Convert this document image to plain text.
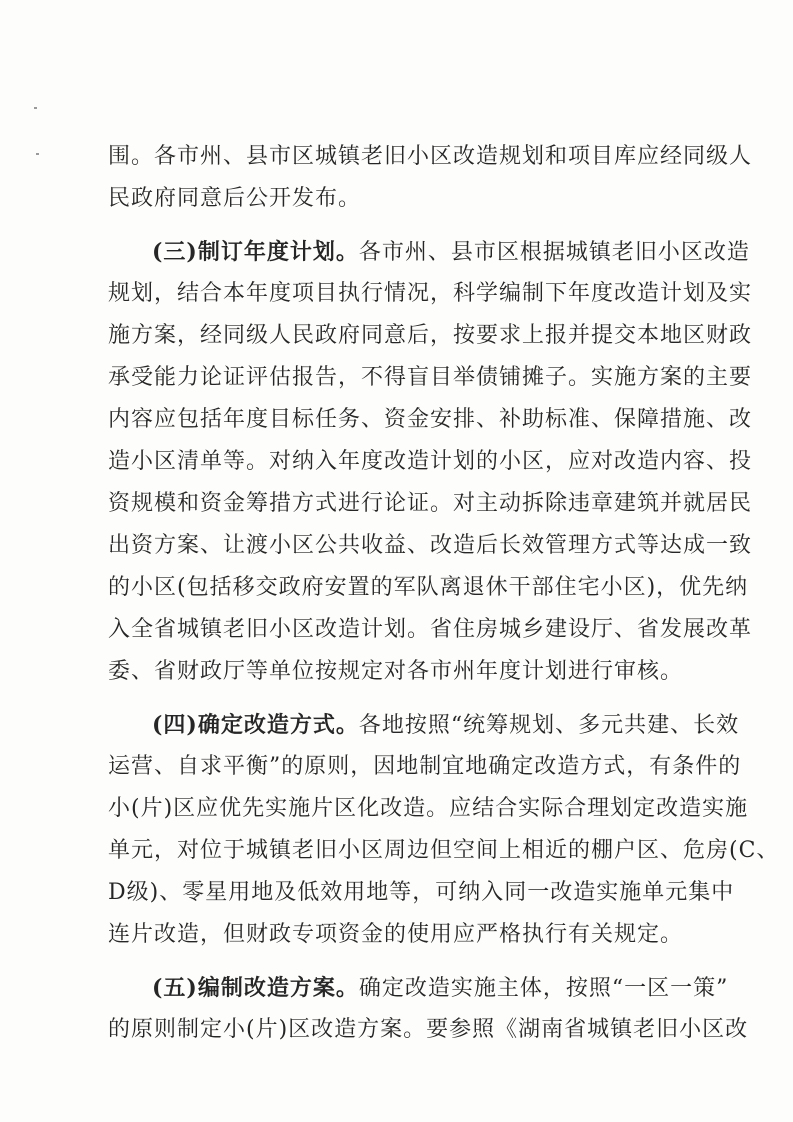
围。各市州、县市区城镇老旧小区改造规划和项目库应经同级人
民政府同意后公开发布。
(三)制订年度计划。各市州、县市区根据城镇老旧小区改造
规划，结合本年度项目执行情况，科学编制下年度改造计划及实
施方案，经同级人民政府同意后，按要求上报并提交本地区财政
承受能力论证评估报告，不得盲目举债铺摊子。实施方案的主要
内容应包括年度目标任务、资金安排、补助标准、保障措施、改
造小区清单等。对纳入年度改造计划的小区，应对改造内容、投
资规模和资金筹措方式进行论证。对主动拆除违章建筑并就居民
出资方案、让渡小区公共收益、改造后长效管理方式等达成一致
的小区(包括移交政府安置的军队离退休干部住宅小区)，优先纳
入全省城镇老旧小区改造计划。省住房城乡建设厅、省发展改革
委、省财政厅等单位按规定对各市州年度计划进行审核。
(四)确定改造方式。各地按照“统筹规划、多元共建、长效
运营、自求平衡”的原则，因地制宜地确定改造方式，有条件的
小(片)区应优先实施片区化改造。应结合实际合理划定改造实施
单元，对位于城镇老旧小区周边但空间上相近的棚户区、危房(C、
D级)、零星用地及低效用地等，可纳入同一改造实施单元集中
连片改造，但财政专项资金的使用应严格执行有关规定。
(五)编制改造方案。确定改造实施主体，按照“一区一策”
的原则制定小(片)区改造方案。要参照《湖南省城镇老旧小区改
